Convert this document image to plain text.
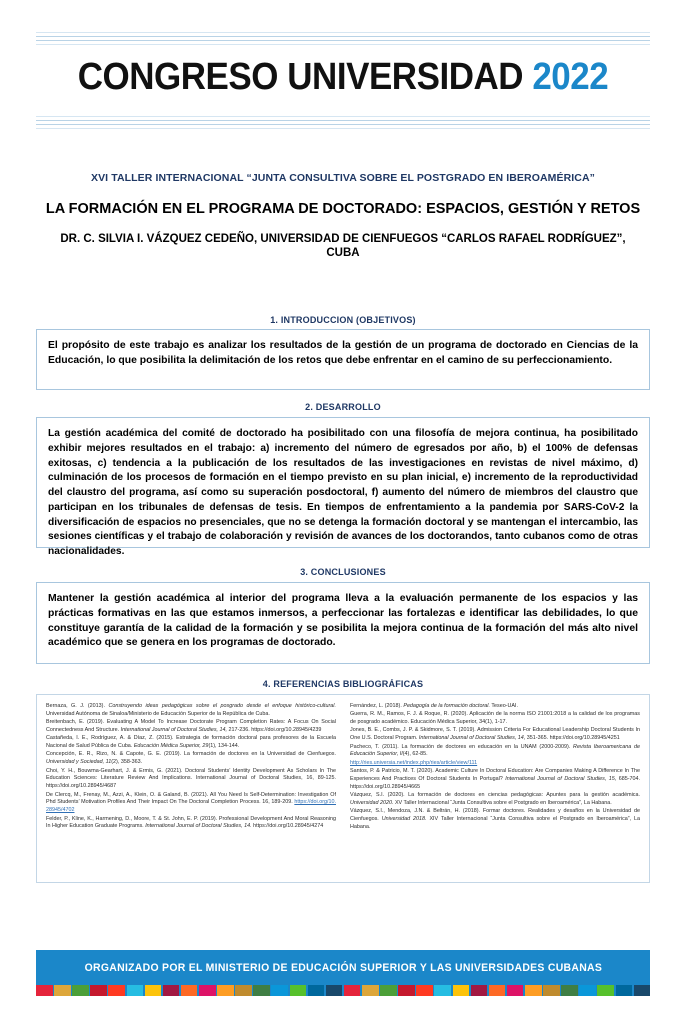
CONGRESO UNIVERSIDAD 2022
XVI TALLER INTERNACIONAL “JUNTA CONSULTIVA SOBRE EL POSTGRADO EN IBEROAMÉRICA”
LA FORMACIÓN EN EL PROGRAMA DE DOCTORADO: ESPACIOS, GESTIÓN Y RETOS
DR. C. SILVIA I. VÁZQUEZ CEDEÑO, UNIVERSIDAD DE CIENFUEGOS “CARLOS RAFAEL RODRÍGUEZ”, CUBA
1. INTRODUCCION (OBJETIVOS)
El propósito de este trabajo es analizar los resultados de la gestión de un programa de doctorado en Ciencias de la Educación, lo que posibilita la delimitación de los retos que debe enfrentar en el camino de su perfeccionamiento.
2. DESARROLLO
La gestión académica del comité de doctorado ha posibilitado con una filosofía de mejora continua, ha posibilitado exhibir mejores resultados en el trabajo: a) incremento del número de egresados por año, b) el 100% de defensas exitosas, c) tendencia a la publicación de los resultados de las investigaciones en revistas de nivel máximo, d) culminación de los procesos de formación en el tiempo previsto en su plan inicial, e) incremento de la reproductividad del claustro del programa, así como su superación posdoctoral, f) aumento del número de miembros del claustro que participan en los tribunales de defensas de tesis. En tiempos de enfrentamiento a la pandemia por SARS-CoV-2 la diversificación de espacios no presenciales, que no se detenga la formación doctoral y se mantengan el intercambio, las sesiones científicas y el trabajo de colaboración y revisión de avances de los doctorandos, tanto cubanos como de otras nacionalidades.
3. CONCLUSIONES
Mantener la gestión académica al interior del programa lleva a la evaluación permanente de los espacios y las prácticas formativas en las que estamos inmersos, a perfeccionar las fortalezas e identificar las debilidades, lo que constituye garantía de la calidad de la formación y se posibilita la mejora continua de la formación del más alto nivel académico que se genera en los programas de doctorado.
4. REFERENCIAS BIBLIOGRÁFICAS
Bernaza, G. J. (2013). Construyendo ideas pedagógicas sobre el posgrado desde el enfoque histórico-cultural. Universidad Autónoma de Sinaloa/Ministerio de Educación Superior de la República de Cuba.
Breitenbach, E. (2019). Evaluating A Model To Increase Doctorate Program Completion Rates: A Focus On Social Connectedness And Structure. International Journal of Doctoral Studies, 14, 217-236. https://doi.org/10.28945/4239
Castañeda, I. E., Rodríguez, A. & Díaz, Z. (2015). Estrategia de formación doctoral para profesores de la Escuela Nacional de Salud Pública de Cuba. Educación Médica Superior, 29(1), 134-144.
Concepción, E. R., Rizo, N. & Capote, G. E. (2019). La formación de doctores en la Universidad de Cienfuegos. Universidad y Sociedad, 11(2), 358-363.
Choi, Y. H., Bouwma-Gearhart, J. & Ermis, G. (2021). Doctoral Students’ Identity Development As Scholars In The Education Sciences: Literature Review And Implications. International Journal of Doctoral Studies, 16, 89-125. https://doi.org/10.28945/4687
De Clercq, M., Frenay, M., Azzi, A., Klein, O. & Galand, B. (2021). All You Need Is Self-Determination: Investigation Of Phd Students’ Motivation Profiles And Their Impact On The Doctoral Completion Process. 16, 189-209. https://doi.org/10.28945/4702
Felder, P., Kline, K., Harmening, D., Moore, T. & St. John, E. P. (2019). Professional Development And Moral Reasoning In Higher Education Graduate Programs. International Journal of Doctoral Studies, 14. https://doi.org/10.28945/4274
Fernández, L. (2018). Pedagogía de la formación doctoral. Teseo-UAI.
Guerra, R. M., Ramos, F. J. & Roque, R. (2020). Aplicación de la norma ISO 21001:2018 a la calidad de los programas de posgrado académico. Educación Médica Superior, 34(1), 1-17.
Jones, B. E., Combs, J. P. & Skidmore, S. T. (2019). Admission Criteria For Educational Leadership Doctoral Students In One U.S. Doctoral Program. International Journal of Doctoral Studies, 14, 351-365. https://doi.org/10.28945/4251
Pacheco, T. (2011). La formación de doctores en educación en la UNAM (2000-2009). Revista Iberoamericana de Educación Superior, II(4), 62-85.
http://ries.universia.net/index.php/ries/article/view/111
Santos, P. & Patricio, M. T. (2020). Academic Culture In Doctoral Education: Are Companies Making A Difference In The Experiences And Practices Of Doctoral Students In Portugal? International Journal of Doctoral Studies, 15, 685-704. https://doi.org/10.28945/4665
Vázquez, S.I. (2020). La formación de doctores en ciencias pedagógicas: Apuntes para la gestión académica. Universidad 2020. XV Taller Internacional “Junta Consultiva sobre el Postgrado en Iberoamérica”, La Habana.
Vázquez, S.I., Mendoza, J.N. & Beltrán, H. (2018). Formar doctores. Realidades y desafíos en la Universidad de Cienfuegos. Universidad 2018. XIV Taller Internacional “Junta Consultiva sobre el Postgrado en Iberoamérica”, La Habana.
ORGANIZADO POR EL MINISTERIO DE EDUCACIÓN SUPERIOR Y LAS UNIVERSIDADES CUBANAS
